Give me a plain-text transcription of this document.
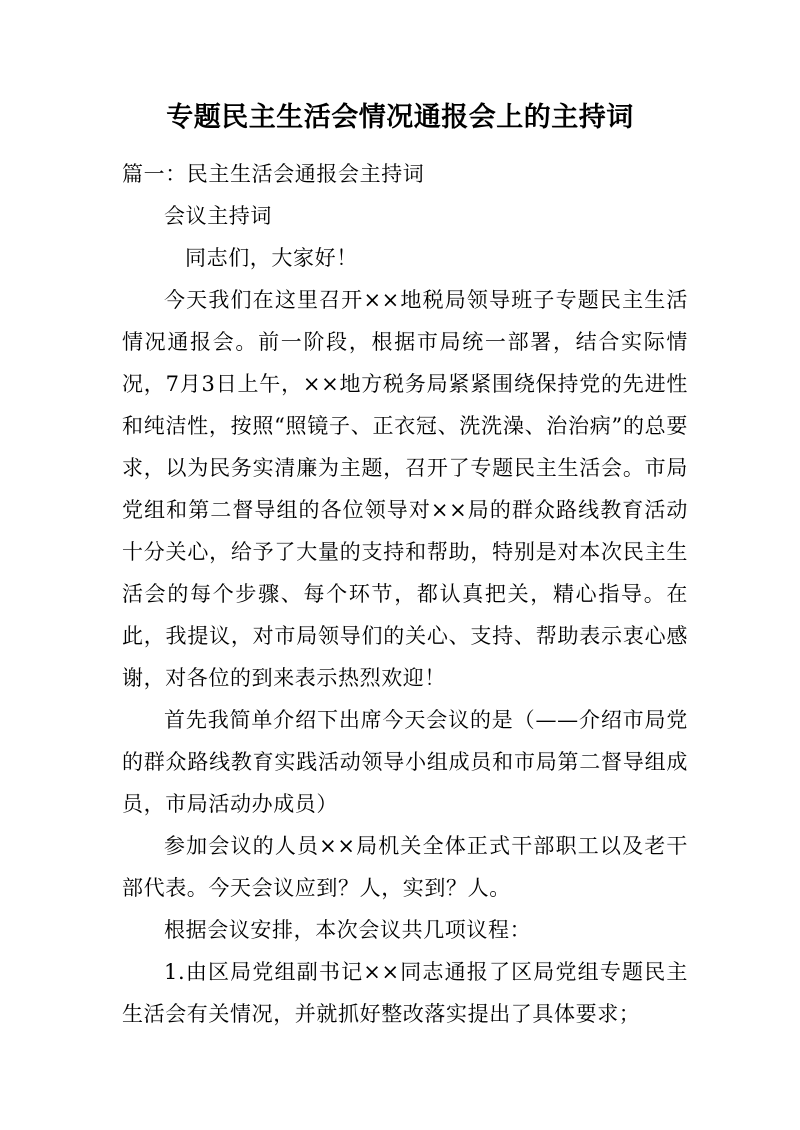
专题民主生活会情况通报会上的主持词

篇一：民主生活会通报会主持词

会议主持词

同志们，大家好！

今天我们在这里召开××地税局领导班子专题民主生活情况通报会。前一阶段，根据市局统一部署，结合实际情况，7月3日上午，××地方税务局紧紧围绕保持党的先进性和纯洁性，按照“照镜子、正衣冠、洗洗澡、治治病”的总要求，以为民务实清廉为主题，召开了专题民主生活会。市局党组和第二督导组的各位领导对××局的群众路线教育活动十分关心，给予了大量的支持和帮助，特别是对本次民主生活会的每个步骤、每个环节，都认真把关，精心指导。在此，我提议，对市局领导们的关心、支持、帮助表示衷心感谢，对各位的到来表示热烈欢迎！

首先我简单介绍下出席今天会议的是（——介绍市局党的群众路线教育实践活动领导小组成员和市局第二督导组成员，市局活动办成员）

参加会议的人员××局机关全体正式干部职工以及老干部代表。今天会议应到？人，实到？人。

根据会议安排，本次会议共几项议程：

1.由区局党组副书记××同志通报了区局党组专题民主生活会有关情况，并就抓好整改落实提出了具体要求；
